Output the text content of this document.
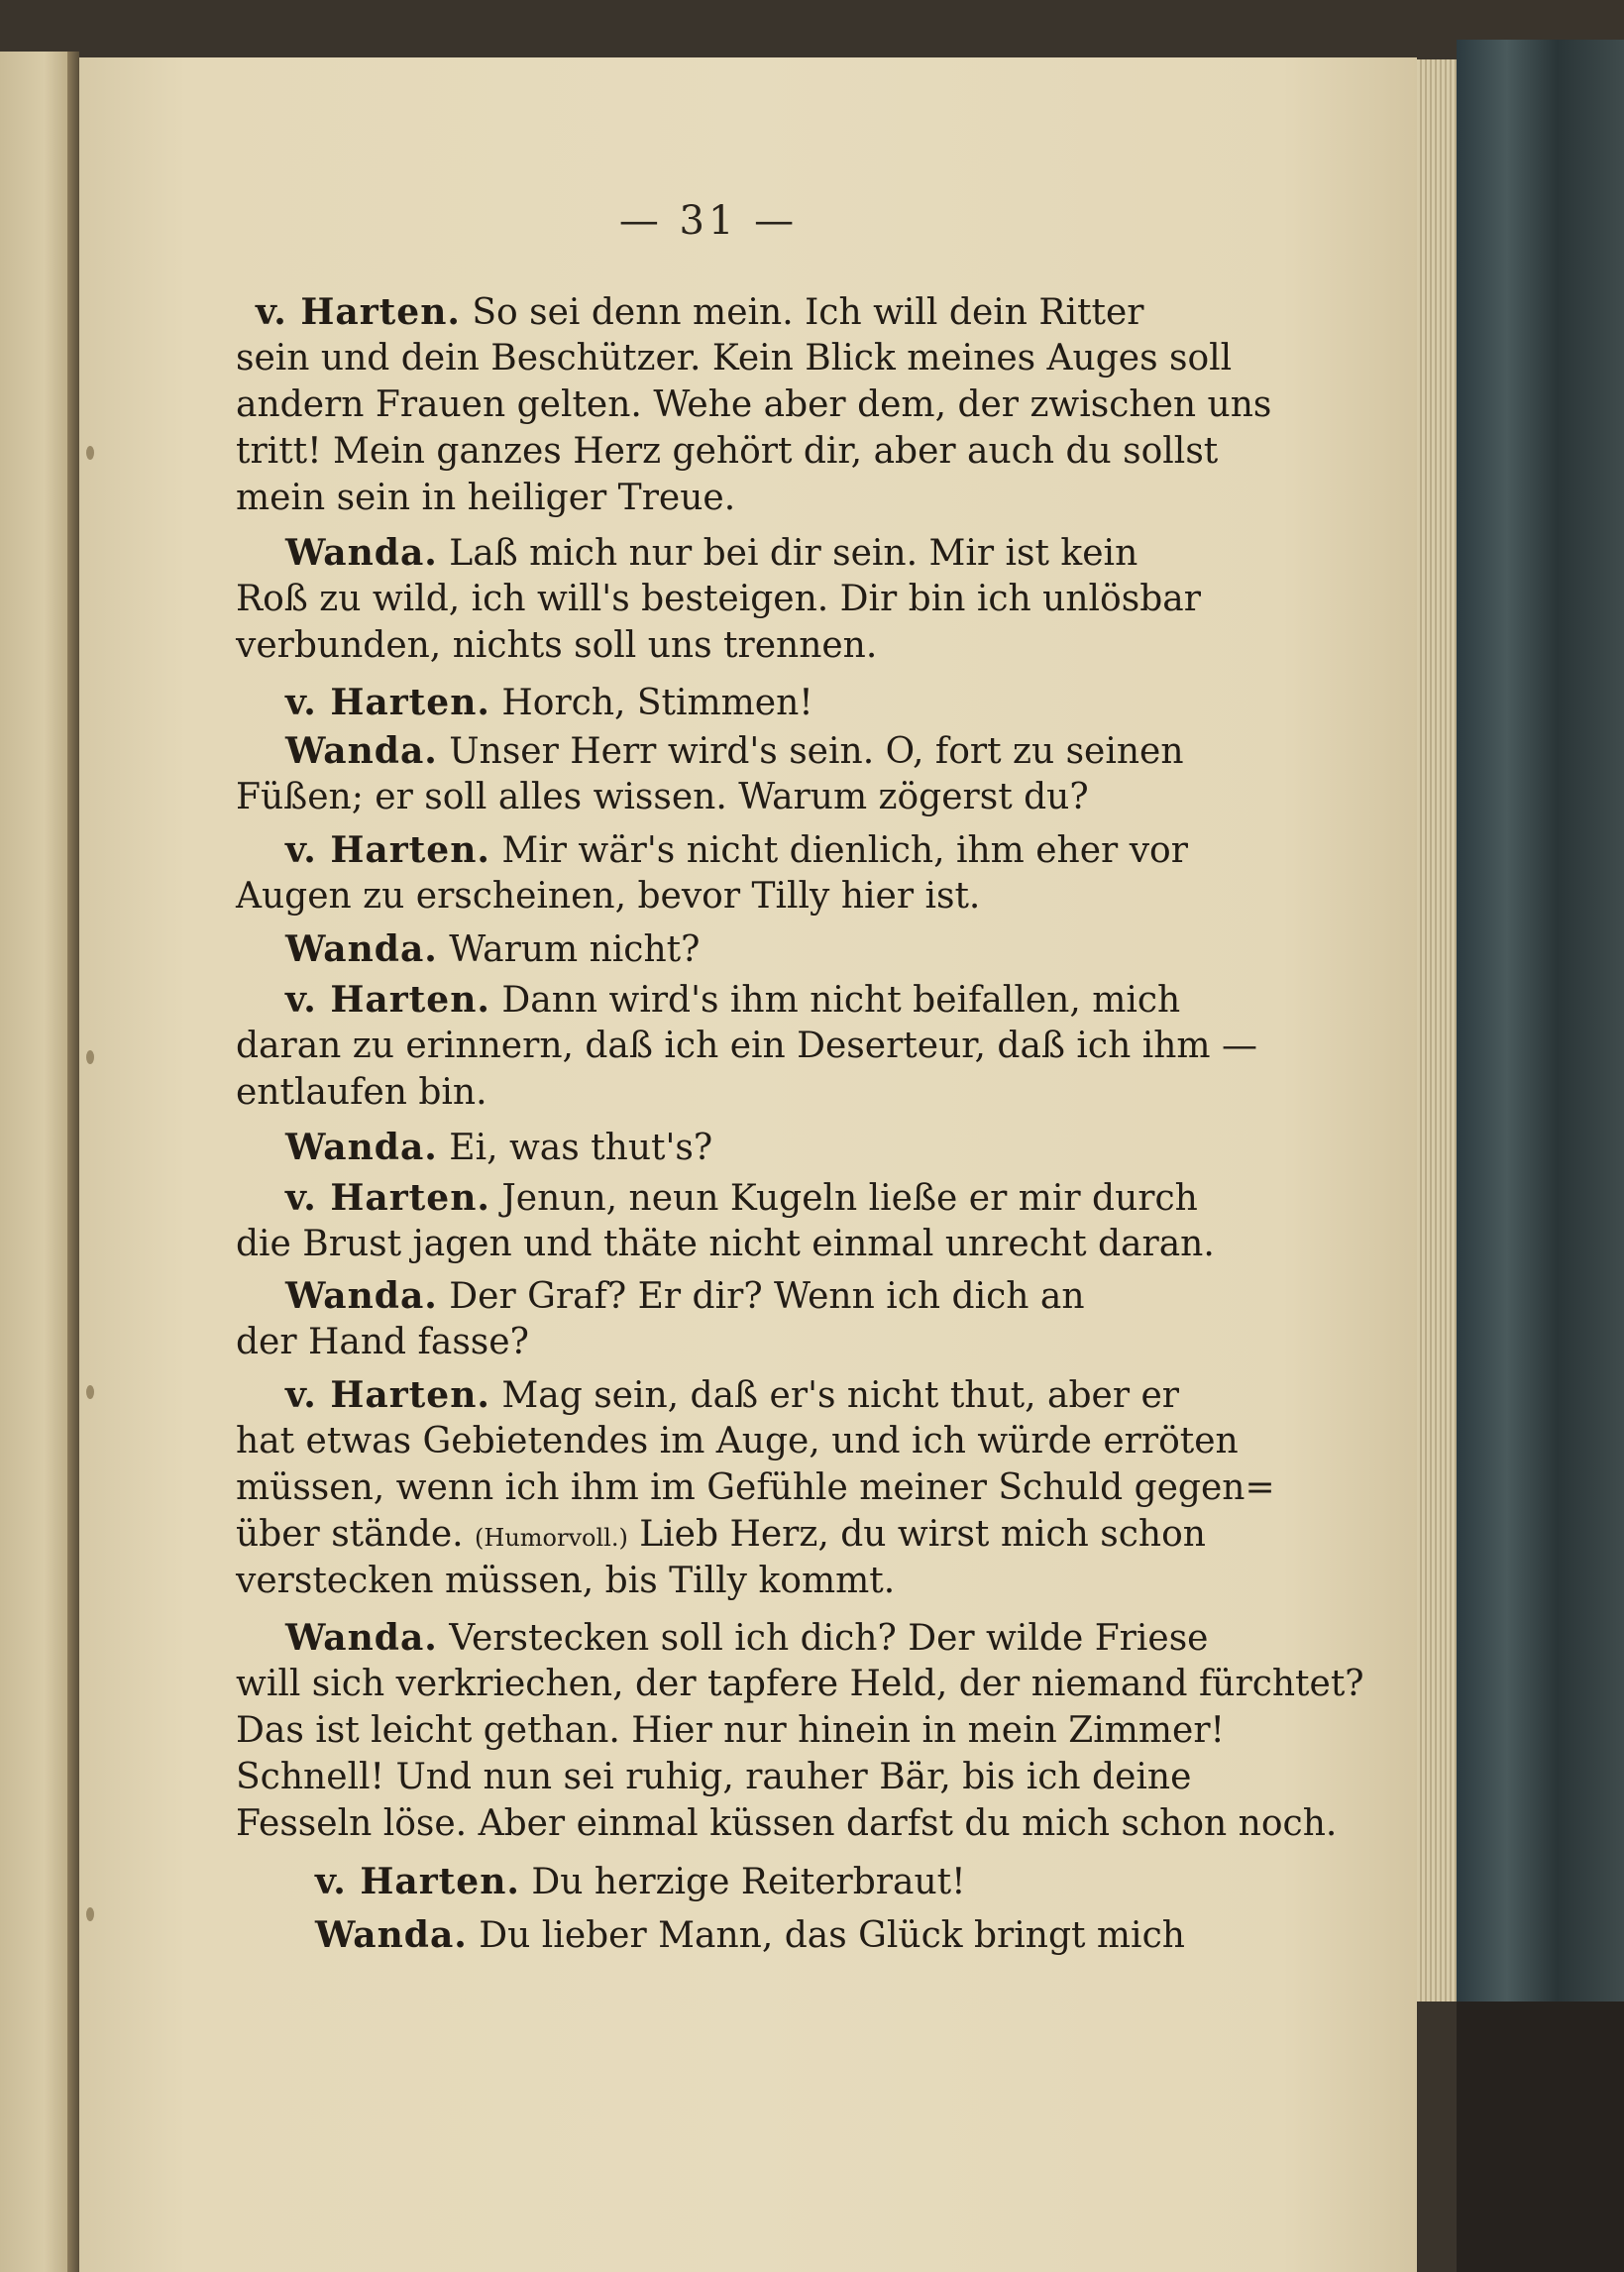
— 31 —
v. Harten. So sei denn mein. Ich will dein Ritter
sein und dein Beschützer. Kein Blick meines Auges soll
andern Frauen gelten. Wehe aber dem, der zwischen uns
tritt! Mein ganzes Herz gehört dir, aber auch du sollst
mein sein in heiliger Treue.
Wanda. Laß mich nur bei dir sein. Mir ist kein
Roß zu wild, ich will's besteigen. Dir bin ich unlösbar
verbunden, nichts soll uns trennen.
v. Harten. Horch, Stimmen!
Wanda. Unser Herr wird's sein. O, fort zu seinen
Füßen; er soll alles wissen. Warum zögerst du?
v. Harten. Mir wär's nicht dienlich, ihm eher vor
Augen zu erscheinen, bevor Tilly hier ist.
Wanda. Warum nicht?
v. Harten. Dann wird's ihm nicht beifallen, mich
daran zu erinnern, daß ich ein Deserteur, daß ich ihm —
entlaufen bin.
Wanda. Ei, was thut's?
v. Harten. Jenun, neun Kugeln ließe er mir durch
die Brust jagen und thäte nicht einmal unrecht daran.
Wanda. Der Graf? Er dir? Wenn ich dich an
der Hand fasse?
v. Harten. Mag sein, daß er's nicht thut, aber er
hat etwas Gebietendes im Auge, und ich würde erröten
müssen, wenn ich ihm im Gefühle meiner Schuld gegen=
über stände. (Humorvoll.) Lieb Herz, du wirst mich schon
verstecken müssen, bis Tilly kommt.
Wanda. Verstecken soll ich dich? Der wilde Friese
will sich verkriechen, der tapfere Held, der niemand fürchtet?
Das ist leicht gethan. Hier nur hinein in mein Zimmer!
Schnell! Und nun sei ruhig, rauher Bär, bis ich deine
Fesseln löse. Aber einmal küssen darfst du mich schon noch.
v. Harten. Du herzige Reiterbraut!
Wanda. Du lieber Mann, das Glück bringt mich
